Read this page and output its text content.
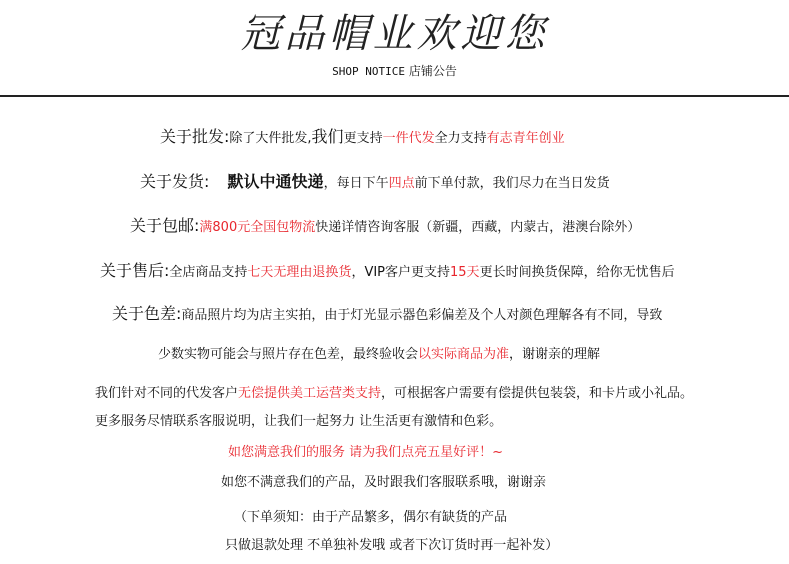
冠品帽业欢迎您
SHOP NOTICE 店铺公告
关于批发:除了大件批发,我们更支持一件代发全力支持有志青年创业
关于发货: 默认中通快递，每日下午四点前下单付款，我们尽力在当日发货
关于包邮:满800元全国包物流快递详情咨询客服（新疆，西藏，内蒙古，港澳台除外）
关于售后:全店商品支持七天无理由退换货，VIP客户更支持15天更长时间换货保障，给你无忧售后
关于色差:商品照片均为店主实拍，由于灯光显示器色彩偏差及个人对颜色理解各有不同，导致
少数实物可能会与照片存在色差，最终验收会以实际商品为准，谢谢亲的理解
我们针对不同的代发客户无偿提供美工运营类支持，可根据客户需要有偿提供包装袋，和卡片或小礼品。
更多服务尽情联系客服说明，让我们一起努力 让生活更有激情和色彩。
如您满意我们的服务 请为我们点亮五星好评！~
如您不满意我们的产品，及时跟我们客服联系哦，谢谢亲
（下单须知：由于产品繁多，偶尔有缺货的产品
只做退款处理 不单独补发哦 或者下次订货时再一起补发）
